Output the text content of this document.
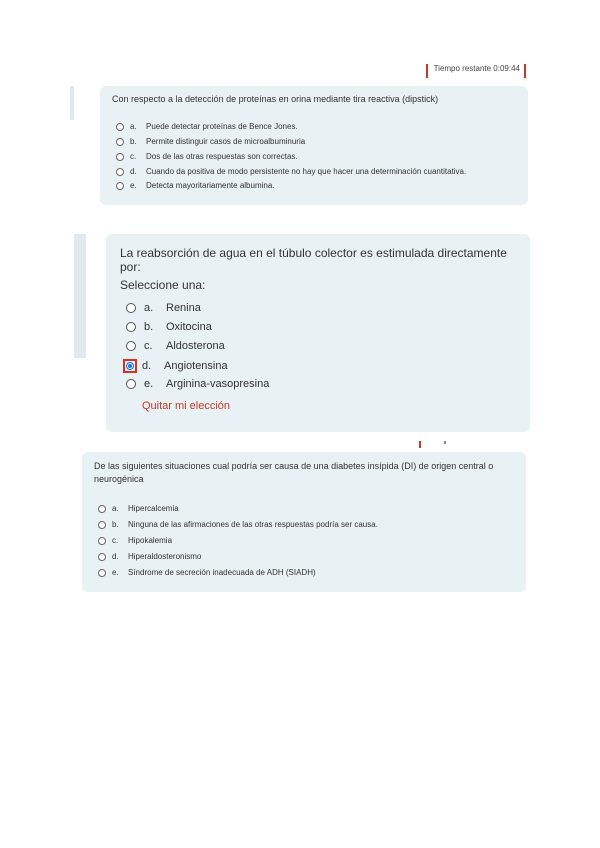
Tiempo restante 0:09:44
Con respecto a la detección de proteínas en orina mediante tira reactiva (dipstick)
a.	Puede detectar proteínas de Bence Jones.
b.	Permite distinguir casos de microalbuminuria
c.	Dos de las otras respuestas son correctas.
d.	Cuando da positiva de modo persistente no hay que hacer una determinación cuantitativa.
e.	Detecta mayoritariamente albumina.
La reabsorción de agua en el túbulo colector es estimulada directamente por:
Seleccione una:
a.	Renina
b.	Oxitocina
c.	Aldosterona
d.	Angiotensina
e.	Arginina-vasopresina
Quitar mi elección
De las siguientes situaciones cual podría ser causa de una diabetes insípida (DI) de origen central o neurogénica
a.	Hipercalcemia
b.	Ninguna de las afirmaciones de las otras respuestas podría ser causa.
c.	Hipokalemia
d.	Hiperaldosteronismo
e.	Síndrome de secreción inadecuada de ADH (SIADH)
